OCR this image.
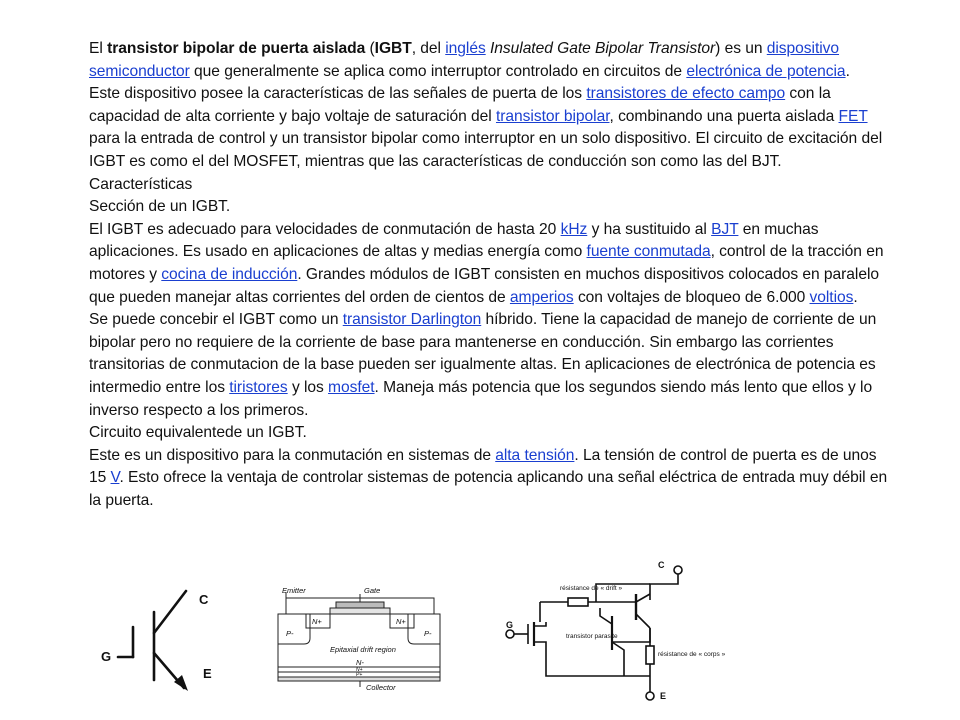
El transistor bipolar de puerta aislada (IGBT, del inglés Insulated Gate Bipolar Transistor) es un dispositivo semiconductor que generalmente se aplica como interruptor controlado en circuitos de electrónica de potencia.

Este dispositivo posee la características de las señales de puerta de los transistores de efecto campo con la capacidad de alta corriente y bajo voltaje de saturación del transistor bipolar, combinando una puerta aislada FET para la entrada de control y un transistor bipolar como interruptor en un solo dispositivo. El circuito de excitación del IGBT es como el del MOSFET, mientras que las características de conducción son como las del BJT.

Características

Sección de un IGBT.

El IGBT es adecuado para velocidades de conmutación de hasta 20 kHz y ha sustituido al BJT en muchas aplicaciones. Es usado en aplicaciones de altas y medias energía como fuente conmutada, control de la tracción en motores y cocina de inducción. Grandes módulos de IGBT consisten en muchos dispositivos colocados en paralelo que pueden manejar altas corrientes del orden de cientos de amperios con voltajes de bloqueo de 6.000 voltios.

Se puede concebir el IGBT como un transistor Darlington híbrido. Tiene la capacidad de manejo de corriente de un bipolar pero no requiere de la corriente de base para mantenerse en conducción. Sin embargo las corrientes transitorias de conmutacion de la base pueden ser igualmente altas. En aplicaciones de electrónica de potencia es intermedio entre los tiristores y los mosfet. Maneja más potencia que los segundos siendo más lento que ellos y lo inverso respecto a los primeros.

Circuito equivalentede un IGBT.

Este es un dispositivo para la conmutación en sistemas de alta tensión. La tensión de control de puerta es de unos 15 V. Esto ofrece la ventaja de controlar sistemas de potencia aplicando una señal eléctrica de entrada muy débil en la puerta.

C
G
E
Emitter	Gate
P-
N+	N+
P-
Epitaxial drift region
N-
N+
P+
Collector
C
G
E
résistance de « drift »
transistor parasite
résistance de « corps »
